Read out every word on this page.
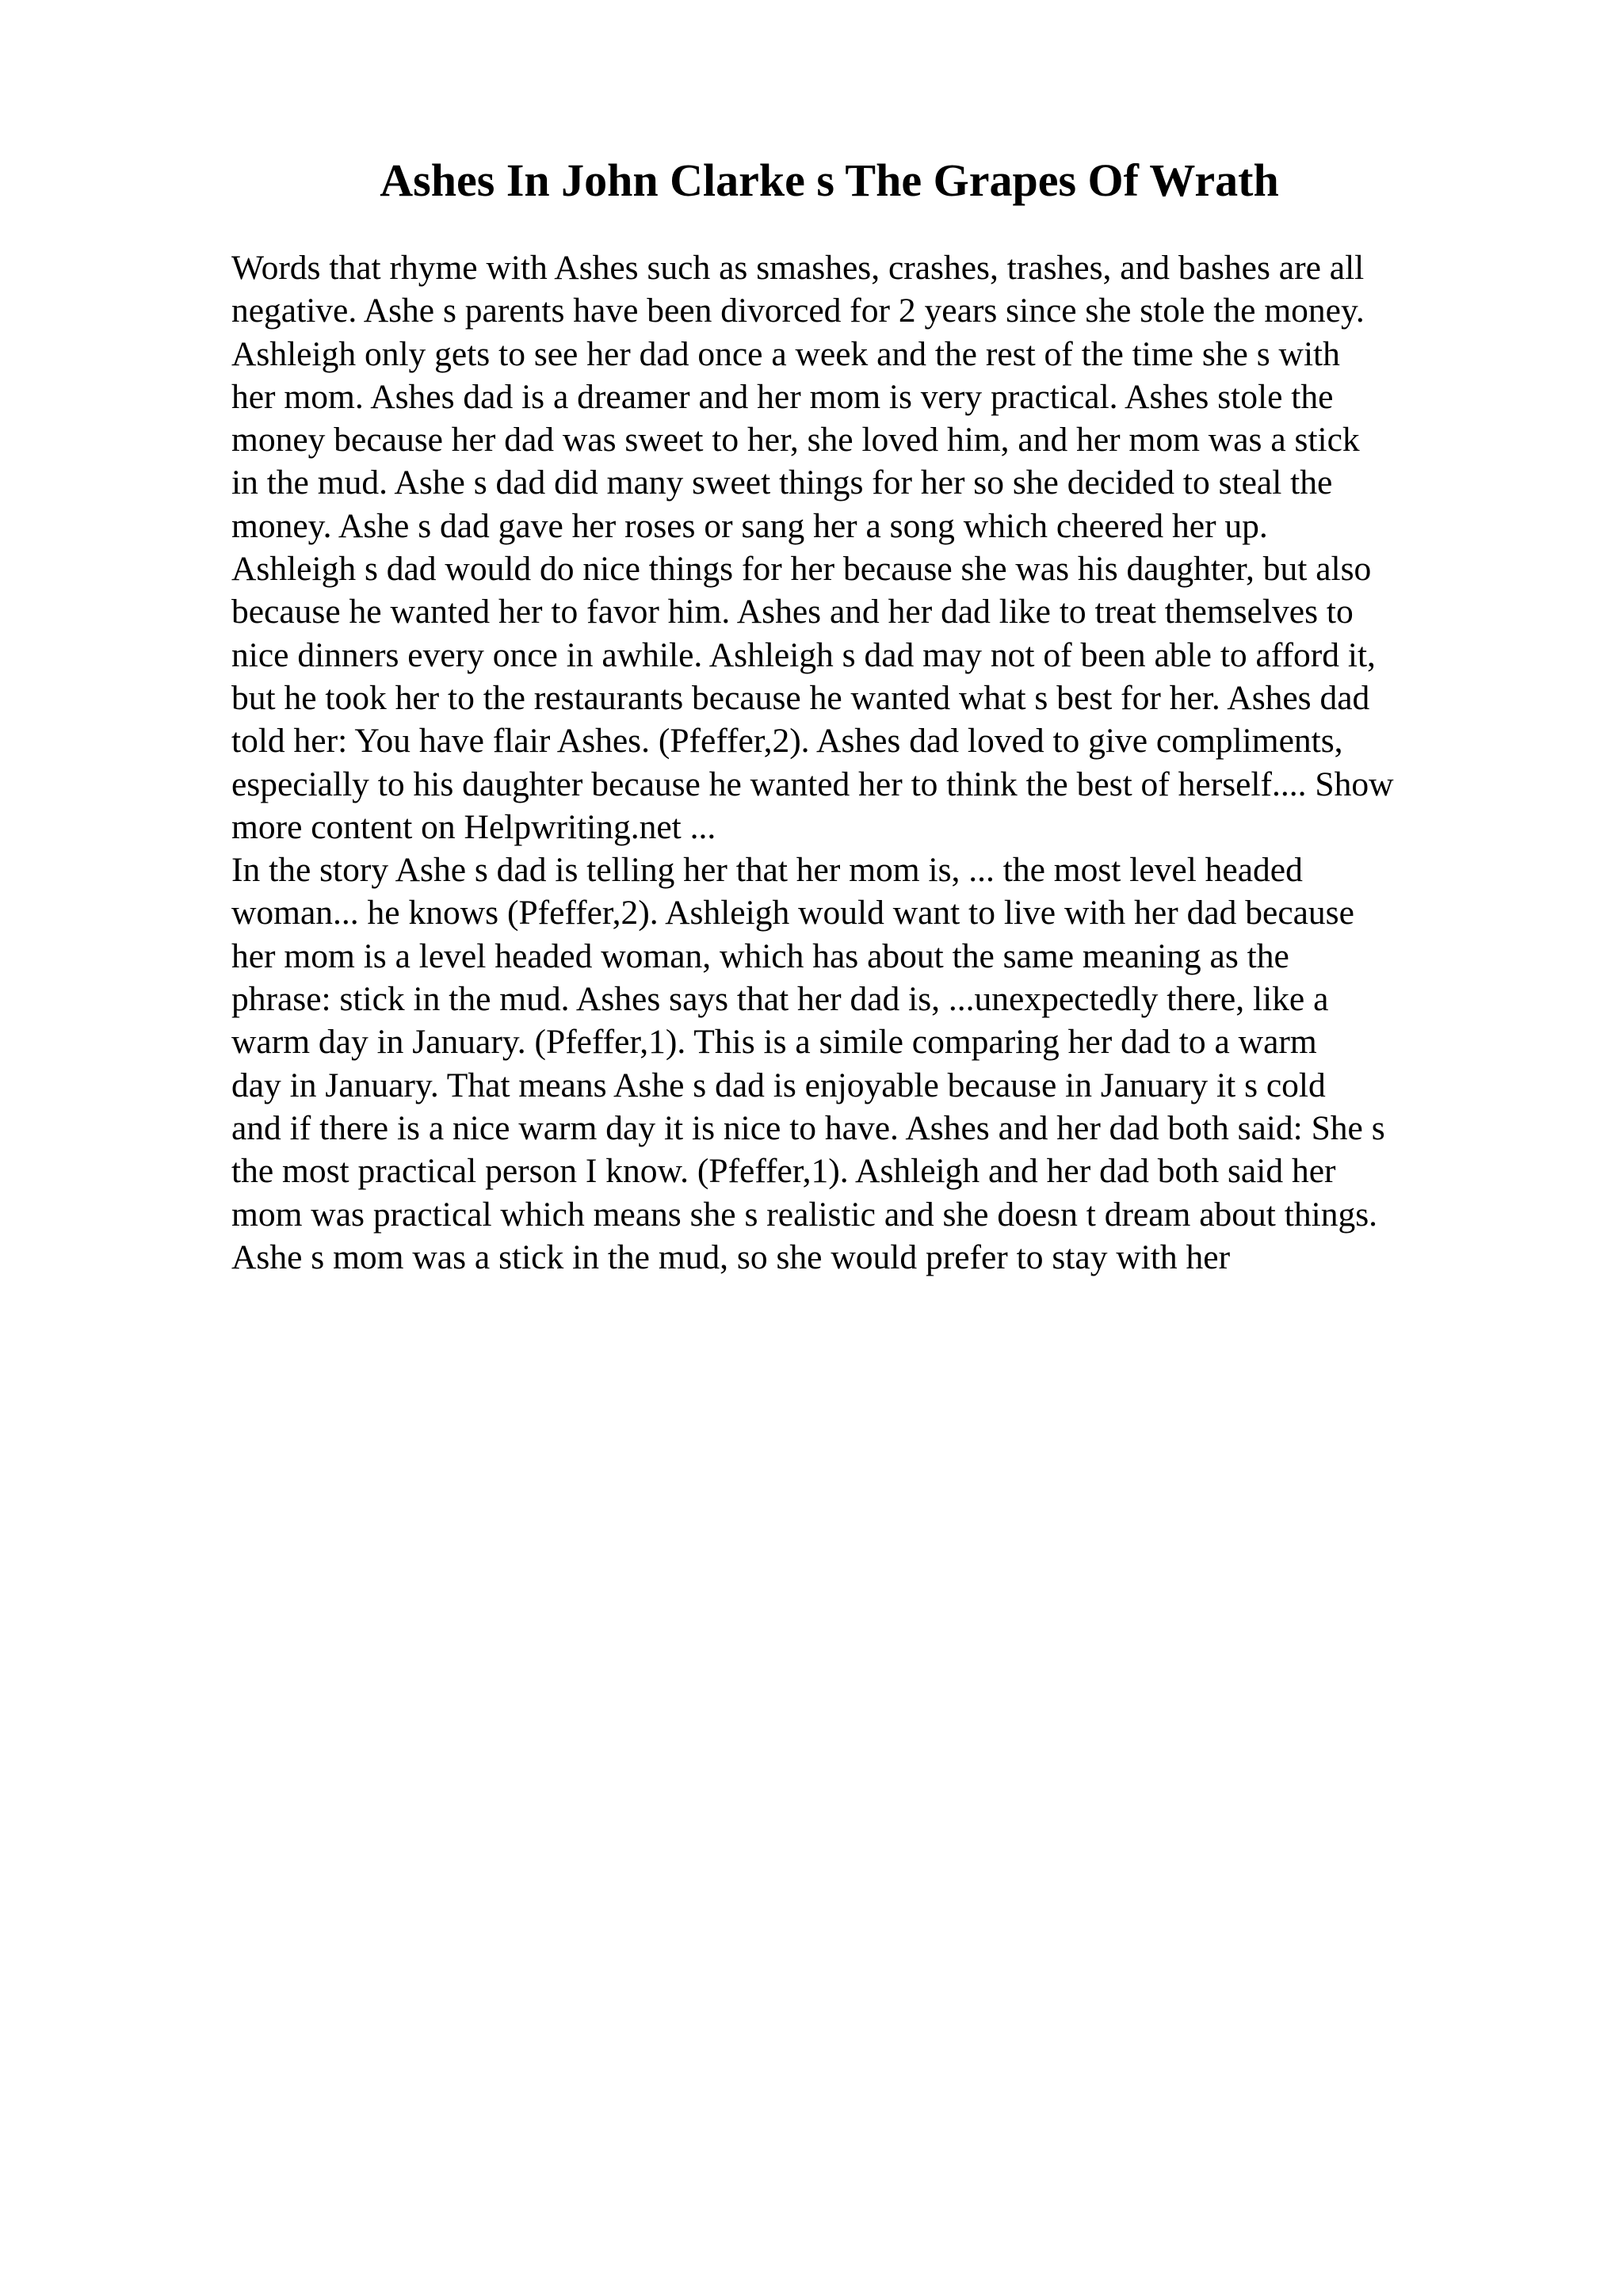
Ashes In John Clarke s The Grapes Of Wrath
Words that rhyme with Ashes such as smashes, crashes, trashes, and bashes are all
negative. Ashe s parents have been divorced for 2 years since she stole the money.
Ashleigh only gets to see her dad once a week and the rest of the time she s with
her mom. Ashes dad is a dreamer and her mom is very practical. Ashes stole the
money because her dad was sweet to her, she loved him, and her mom was a stick
in the mud. Ashe s dad did many sweet things for her so she decided to steal the
money. Ashe s dad gave her roses or sang her a song which cheered her up.
Ashleigh s dad would do nice things for her because she was his daughter, but also
because he wanted her to favor him. Ashes and her dad like to treat themselves to
nice dinners every once in awhile. Ashleigh s dad may not of been able to afford it,
but he took her to the restaurants because he wanted what s best for her. Ashes dad
told her: You have flair Ashes. (Pfeffer,2). Ashes dad loved to give compliments,
especially to his daughter because he wanted her to think the best of herself.... Show
more content on Helpwriting.net ...
In the story Ashe s dad is telling her that her mom is, ... the most level headed
woman... he knows (Pfeffer,2). Ashleigh would want to live with her dad because
her mom is a level headed woman, which has about the same meaning as the
phrase: stick in the mud. Ashes says that her dad is, ...unexpectedly there, like a
warm day in January. (Pfeffer,1). This is a simile comparing her dad to a warm
day in January. That means Ashe s dad is enjoyable because in January it s cold
and if there is a nice warm day it is nice to have. Ashes and her dad both said: She s
the most practical person I know. (Pfeffer,1). Ashleigh and her dad both said her
mom was practical which means she s realistic and she doesn t dream about things.
Ashe s mom was a stick in the mud, so she would prefer to stay with her
